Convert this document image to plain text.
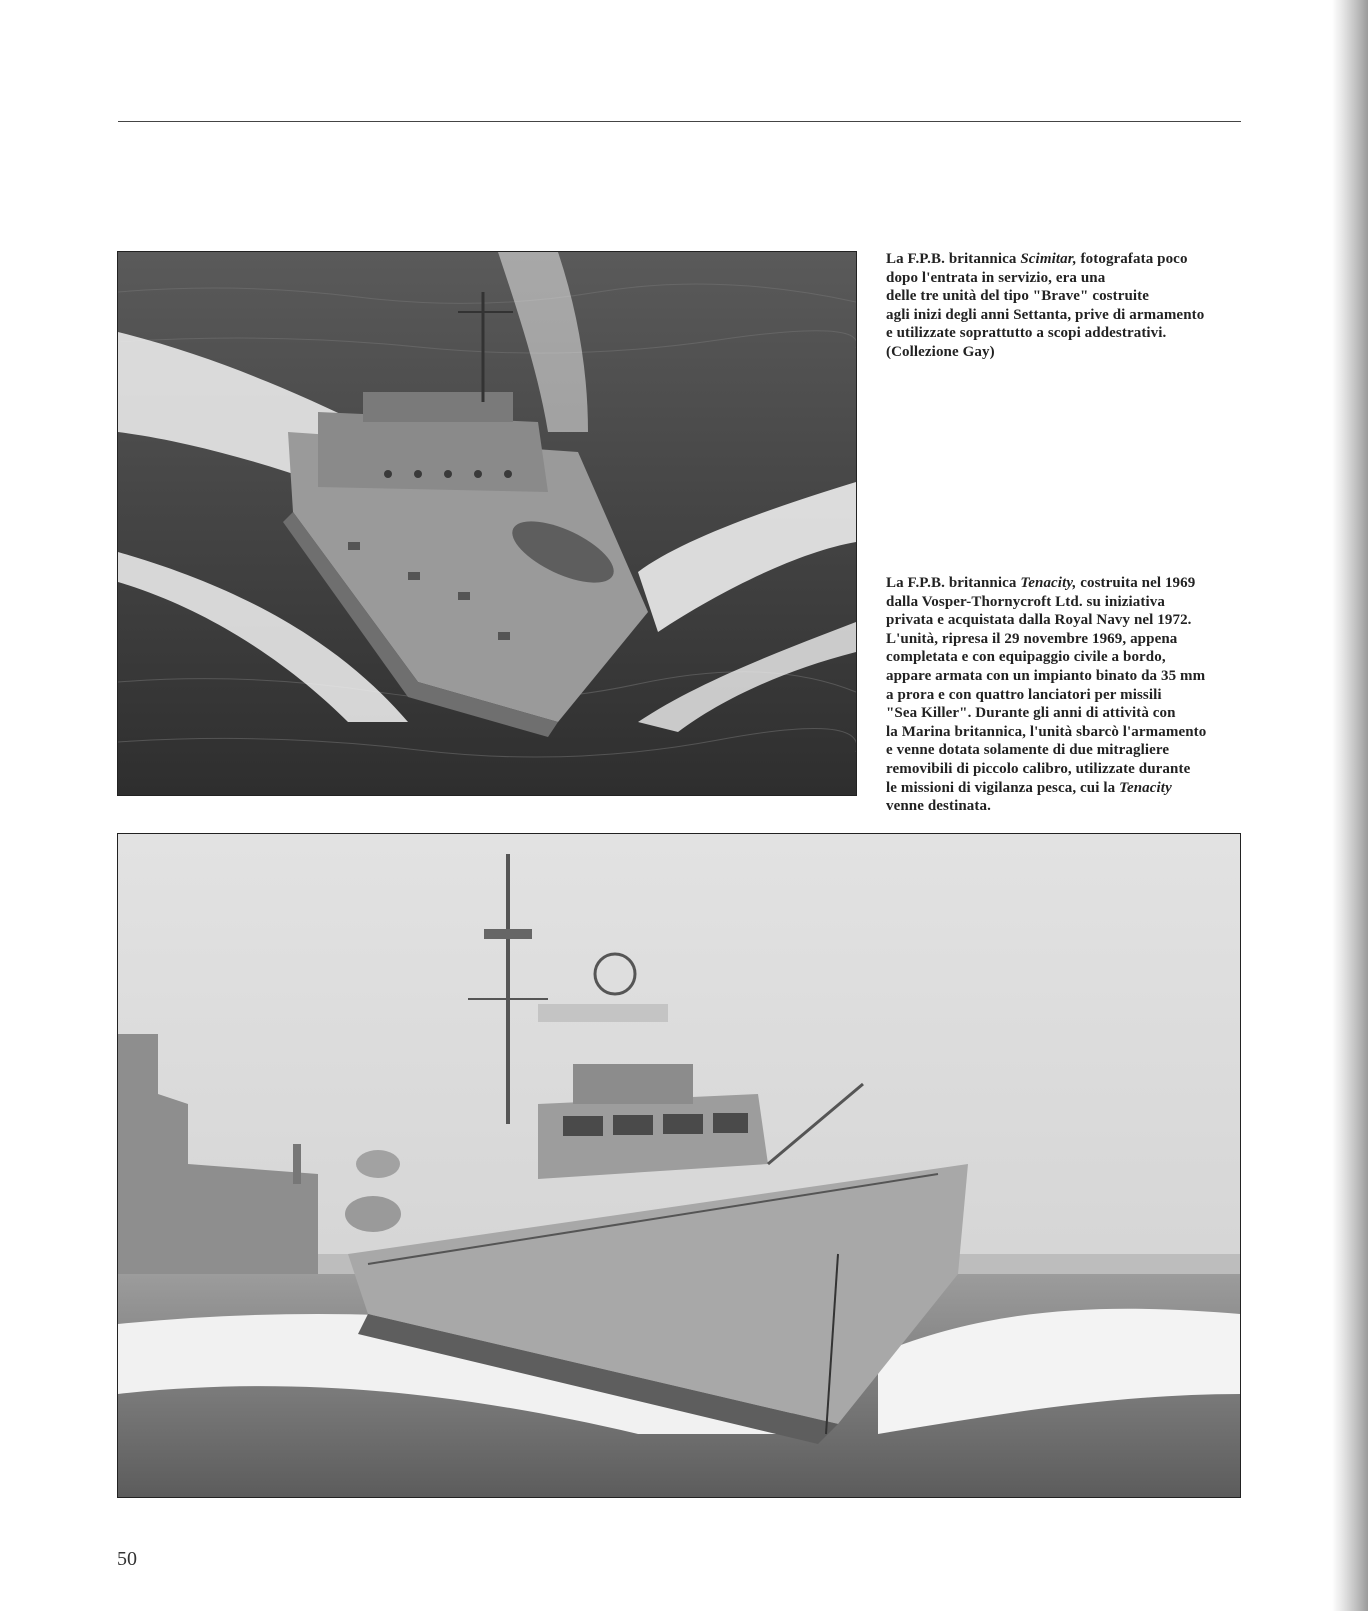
La F.P.B. britannica Scimitar, fotografata poco
dopo l'entrata in servizio, era una
delle tre unità del tipo "Brave" costruite
agli inizi degli anni Settanta, prive di armamento
e utilizzate soprattutto a scopi addestrativi.
(Collezione Gay)
La F.P.B. britannica Tenacity, costruita nel 1969
dalla Vosper-Thornycroft Ltd. su iniziativa
privata e acquistata dalla Royal Navy nel 1972.
L'unità, ripresa il 29 novembre 1969, appena
completata e con equipaggio civile a bordo,
appare armata con un impianto binato da 35 mm
a prora e con quattro lanciatori per missili
"Sea Killer". Durante gli anni di attività con
la Marina britannica, l'unità sbarcò l'armamento
e venne dotata solamente di due mitragliere
removibili di piccolo calibro, utilizzate durante
le missioni di vigilanza pesca, cui la Tenacity
venne destinata.
50
